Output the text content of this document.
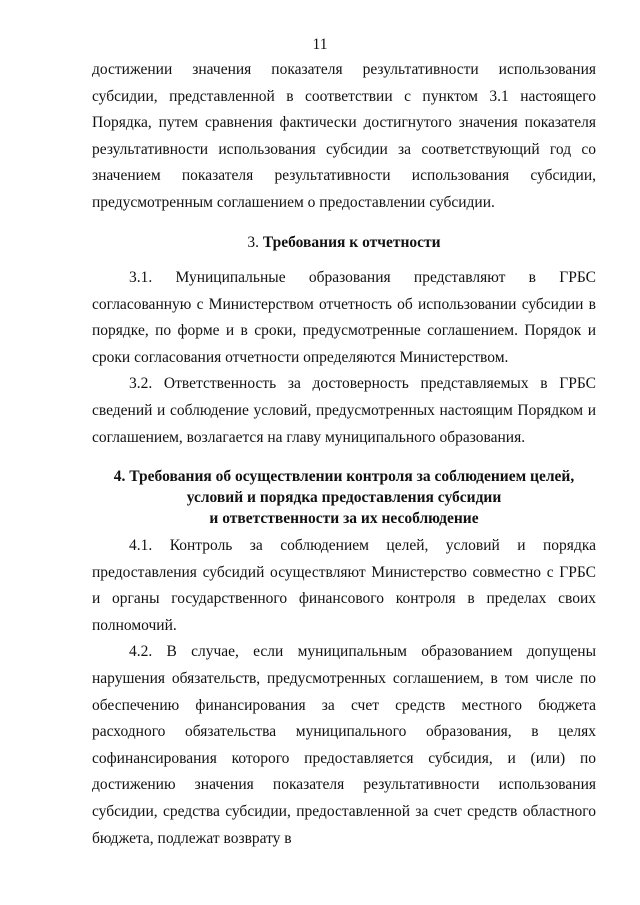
11

достижении значения показателя результативности использования субсидии, представленной в соответствии с пунктом 3.1 настоящего Порядка, путем сравнения фактически достигнутого значения показателя результативности использования субсидии за соответствующий год со значением показателя результативности использования субсидии, предусмотренным соглашением о предоставлении субсидии.

3. Требования к отчетности

3.1. Муниципальные образования представляют в ГРБС согласованную с Министерством отчетность об использовании субсидии в порядке, по форме и в сроки, предусмотренные соглашением. Порядок и сроки согласования отчетности определяются Министерством.

3.2. Ответственность за достоверность представляемых в ГРБС сведений и соблюдение условий, предусмотренных настоящим Порядком и соглашением, возлагается на главу муниципального образования.

4. Требования об осуществлении контроля за соблюдением целей,
условий и порядка предоставления субсидии
и ответственности за их несоблюдение

4.1. Контроль за соблюдением целей, условий и порядка предоставления субсидий осуществляют Министерство совместно с ГРБС и органы государственного финансового контроля в пределах своих полномочий.

4.2. В случае, если муниципальным образованием допущены нарушения обязательств, предусмотренных соглашением, в том числе по обеспечению финансирования за счет средств местного бюджета расходного обязательства муниципального образования, в целях софинансирования которого предоставляется субсидия, и (или) по достижению значения показателя результативности использования субсидии, средства субсидии, предоставленной за счет средств областного бюджета, подлежат возврату в
